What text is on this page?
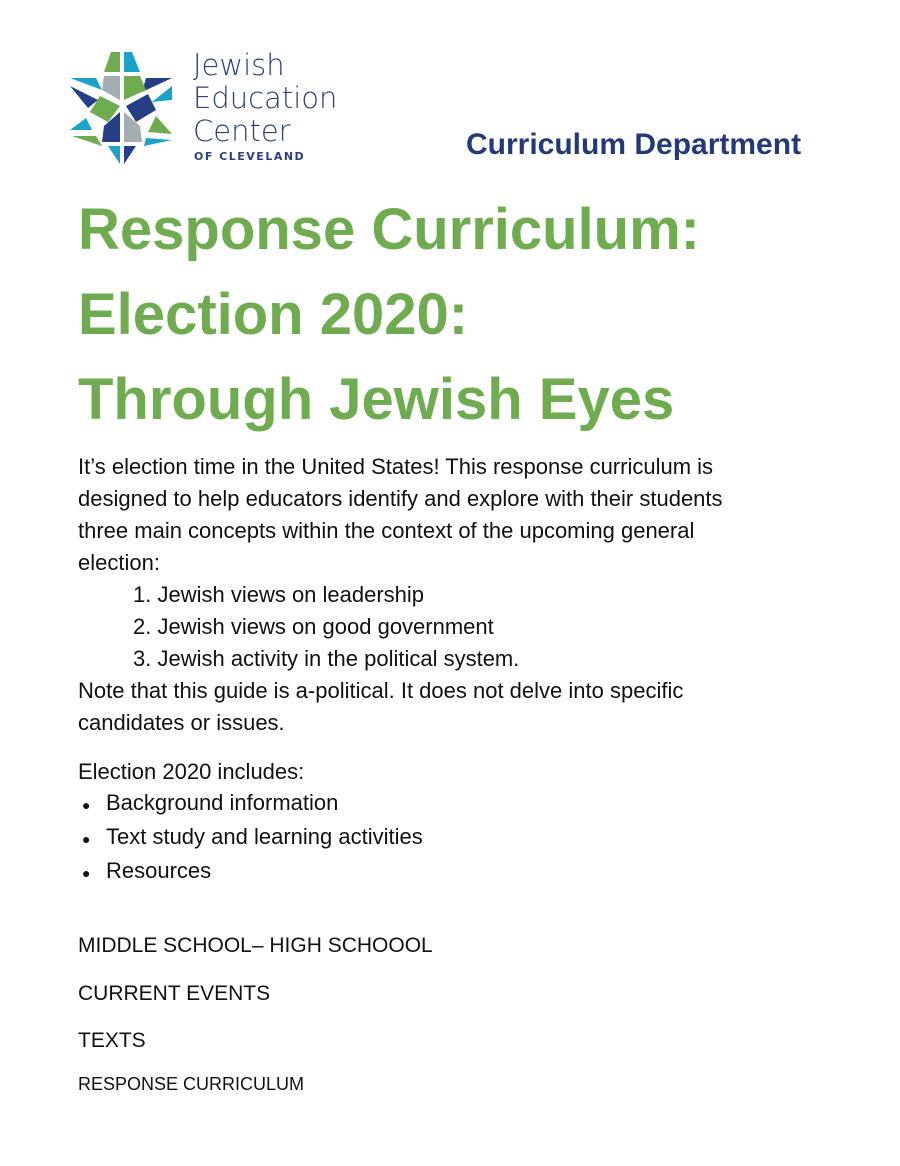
Jewish
Education
Center
OF CLEVELAND	Curriculum Department
Response Curriculum:
Election 2020:
Through Jewish Eyes
It’s election time in the United States! This response curriculum is
designed to help educators identify and explore with their students
three main concepts within the context of the upcoming general
election:
1. Jewish views on leadership
2. Jewish views on good government
3. Jewish activity in the political system.
Note that this guide is a-political. It does not delve into specific
candidates or issues.
Election 2020 includes:
● Background information
● Text study and learning activities
● Resources
MIDDLE SCHOOL– HIGH SCHOOOL
CURRENT EVENTS
TEXTS
RESPONSE CURRICULUM
